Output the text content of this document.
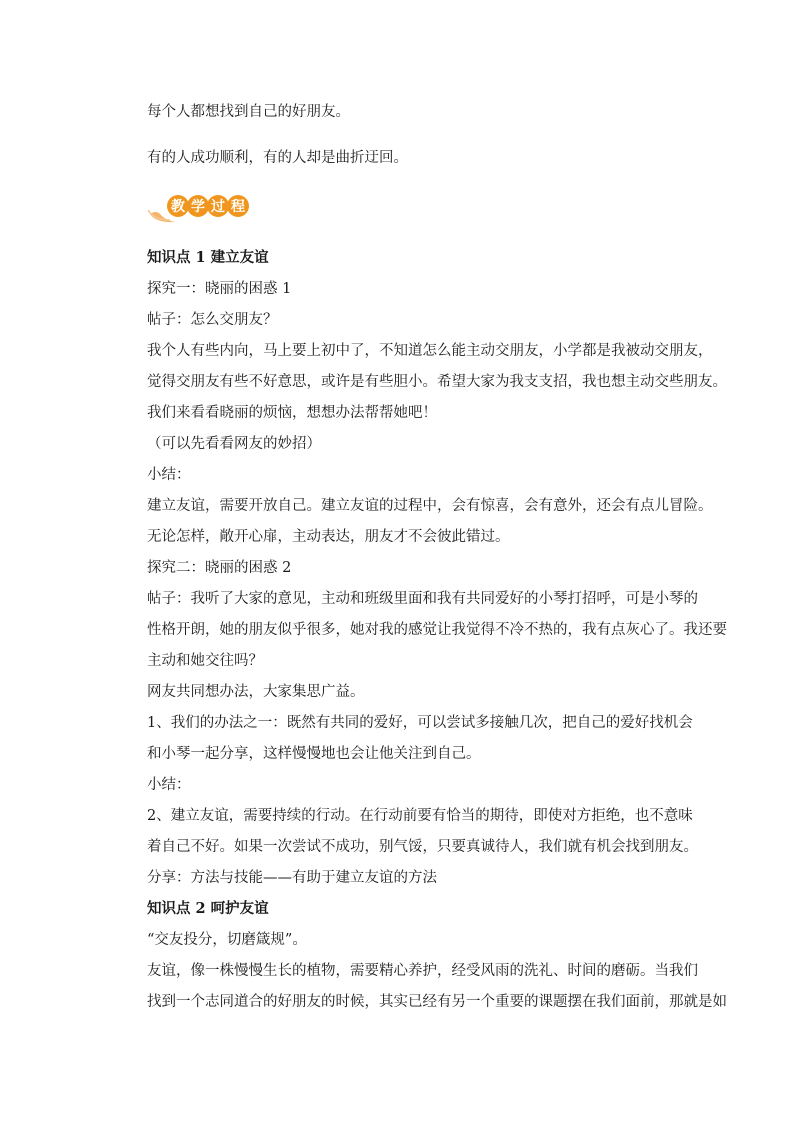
每个人都想找到自己的好朋友。
有的人成功顺利，有的人却是曲折迂回。
教 学 过 程
知识点 1 建立友谊
探究一：晓丽的困惑 1
帖子：怎么交朋友？
我个人有些内向，马上要上初中了，不知道怎么能主动交朋友，小学都是我被动交朋友，
觉得交朋友有些不好意思，或许是有些胆小。希望大家为我支支招，我也想主动交些朋友。
我们来看看晓丽的烦恼，想想办法帮帮她吧！
（可以先看看网友的妙招）
小结：
建立友谊，需要开放自己。建立友谊的过程中，会有惊喜，会有意外，还会有点儿冒险。
无论怎样，敞开心扉，主动表达，朋友才不会彼此错过。
探究二：晓丽的困惑 2
帖子：我听了大家的意见，主动和班级里面和我有共同爱好的小琴打招呼，可是小琴的
性格开朗，她的朋友似乎很多，她对我的感觉让我觉得不冷不热的，我有点灰心了。我还要
主动和她交往吗？
网友共同想办法，大家集思广益。
1、我们的办法之一：既然有共同的爱好，可以尝试多接触几次，把自己的爱好找机会
和小琴一起分享，这样慢慢地也会让他关注到自己。
小结：
2、建立友谊，需要持续的行动。在行动前要有恰当的期待，即使对方拒绝，也不意味
着自己不好。如果一次尝试不成功，别气馁，只要真诚待人，我们就有机会找到朋友。
分享：方法与技能——有助于建立友谊的方法
知识点 2 呵护友谊
“交友投分，切磨箴规”。
友谊，像一株慢慢生长的植物，需要精心养护，经受风雨的洗礼、时间的磨砺。当我们
找到一个志同道合的好朋友的时候，其实已经有另一个重要的课题摆在我们面前，那就是如
